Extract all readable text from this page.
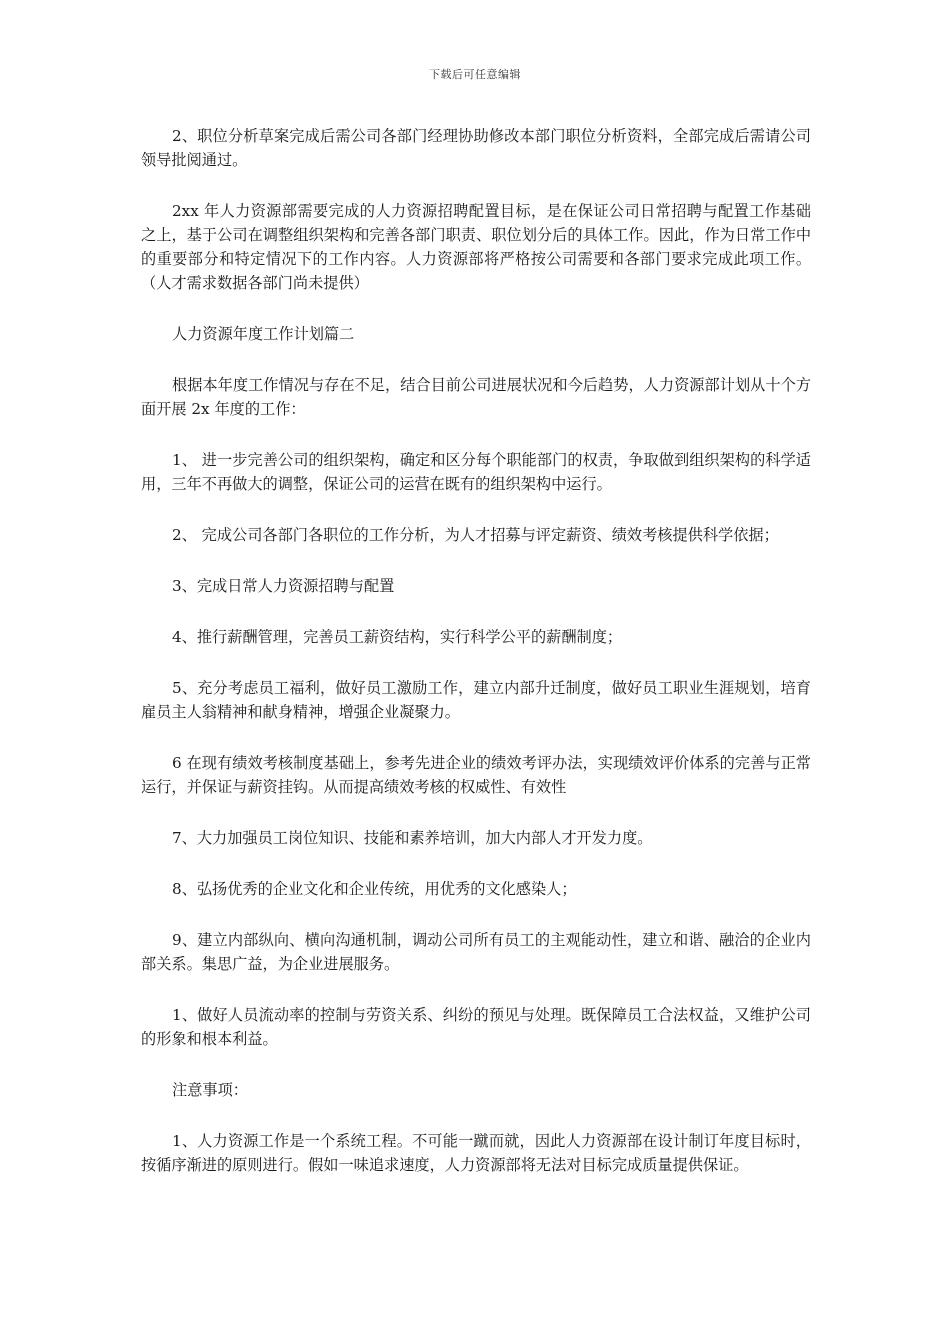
下载后可任意编辑

2、职位分析草案完成后需公司各部门经理协助修改本部门职位分析资料，全部完成后需请公司领导批阅通过。

2xx 年人力资源部需要完成的人力资源招聘配置目标，是在保证公司日常招聘与配置工作基础之上，基于公司在调整组织架构和完善各部门职责、职位划分后的具体工作。因此，作为日常工作中的重要部分和特定情况下的工作内容。人力资源部将严格按公司需要和各部门要求完成此项工作。（人才需求数据各部门尚未提供）

人力资源年度工作计划篇二

根据本年度工作情况与存在不足，结合目前公司进展状况和今后趋势，人力资源部计划从十个方面开展 2x 年度的工作：

1、 进一步完善公司的组织架构，确定和区分每个职能部门的权责，争取做到组织架构的科学适用，三年不再做大的调整，保证公司的运营在既有的组织架构中运行。

2、 完成公司各部门各职位的工作分析，为人才招募与评定薪资、绩效考核提供科学依据；

3、完成日常人力资源招聘与配置

4、推行薪酬管理，完善员工薪资结构，实行科学公平的薪酬制度；

5、充分考虑员工福利，做好员工激励工作，建立内部升迁制度，做好员工职业生涯规划，培育雇员主人翁精神和献身精神，增强企业凝聚力。

6 在现有绩效考核制度基础上，参考先进企业的绩效考评办法，实现绩效评价体系的完善与正常运行，并保证与薪资挂钩。从而提高绩效考核的权威性、有效性

7、大力加强员工岗位知识、技能和素养培训，加大内部人才开发力度。

8、弘扬优秀的企业文化和企业传统，用优秀的文化感染人；

9、建立内部纵向、横向沟通机制，调动公司所有员工的主观能动性，建立和谐、融洽的企业内部关系。集思广益，为企业进展服务。

1、做好人员流动率的控制与劳资关系、纠纷的预见与处理。既保障员工合法权益，又维护公司的形象和根本利益。

注意事项：

1、人力资源工作是一个系统工程。不可能一蹴而就，因此人力资源部在设计制订年度目标时，按循序渐进的原则进行。假如一味追求速度，人力资源部将无法对目标完成质量提供保证。
